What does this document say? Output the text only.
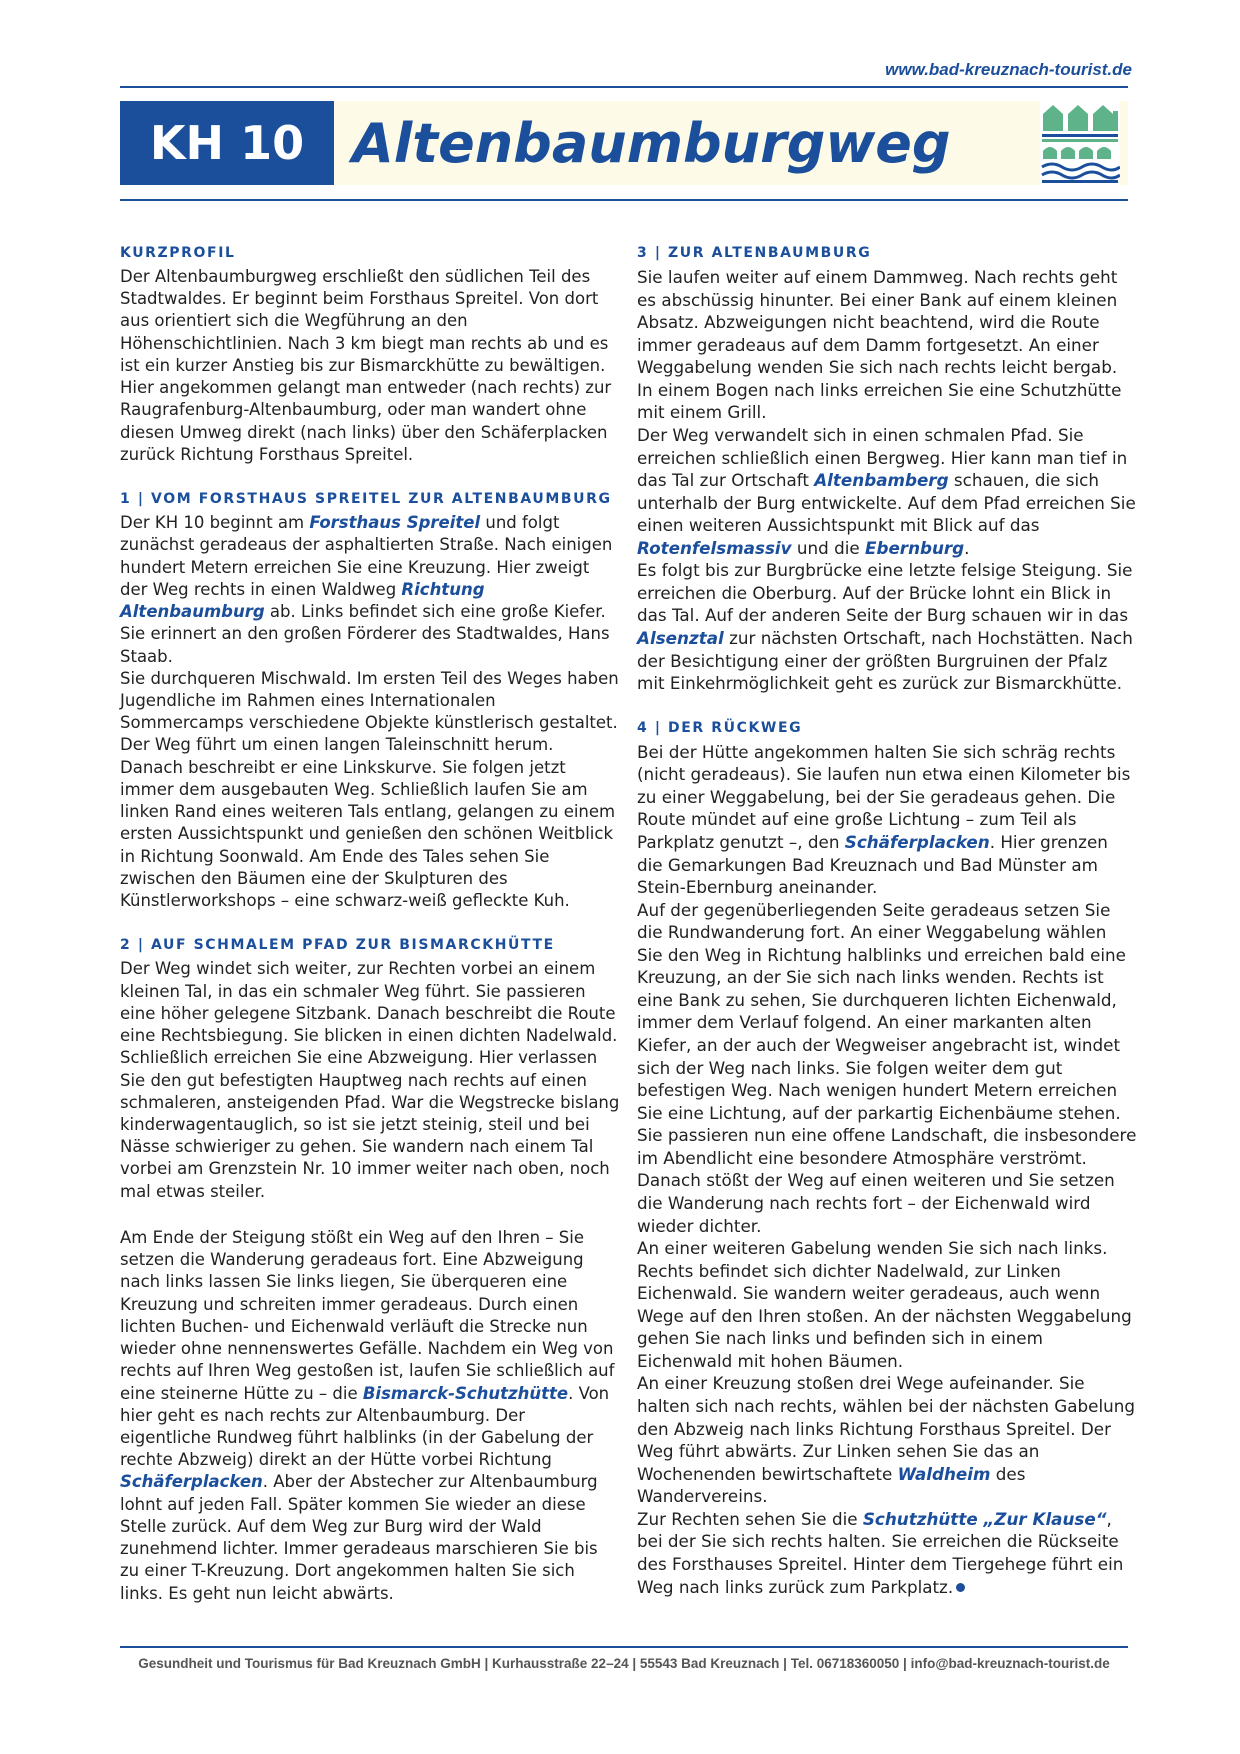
www.bad-kreuznach-tourist.de
KH 10 Altenbaumburgweg
KURZPROFIL

Der Altenbaumburgweg erschließt den südlichen Teil des Stadtwaldes. Er beginnt beim Forsthaus Spreitel. Von dort aus orientiert sich die Wegführung an den Höhenschichtlinien. Nach 3 km biegt man rechts ab und es ist ein kurzer Anstieg bis zur Bismarckhütte zu bewältigen. Hier angekommen gelangt man entweder (nach rechts) zur Raugrafenburg-Altenbaumburg, oder man wandert ohne diesen Umweg direkt (nach links) über den Schäferplacken zurück Richtung Forsthaus Spreitel.

1 | VOM FORSTHAUS SPREITEL ZUR ALTENBAUMBURG

Der KH 10 beginnt am Forsthaus Spreitel und folgt zunächst geradeaus der asphaltierten Straße. Nach einigen hundert Metern erreichen Sie eine Kreuzung. Hier zweigt der Weg rechts in einen Waldweg Richtung Altenbaumburg ab. Links befindet sich eine große Kiefer. Sie erinnert an den großen Förderer des Stadtwaldes, Hans Staab.

Sie durchqueren Mischwald. Im ersten Teil des Weges haben Jugendliche im Rahmen eines Internationalen Sommercamps verschiedene Objekte künstlerisch gestaltet. Der Weg führt um einen langen Taleinschnitt herum. Danach beschreibt er eine Linkskurve. Sie folgen jetzt immer dem ausgebauten Weg. Schließlich laufen Sie am linken Rand eines weiteren Tals entlang, gelangen zu einem ersten Aussichtspunkt und genießen den schönen Weitblick in Richtung Soonwald. Am Ende des Tales sehen Sie zwischen den Bäumen eine der Skulpturen des Künstlerworkshops – eine schwarz-weiß gefleckte Kuh.

2 | AUF SCHMALEM PFAD ZUR BISMARCKHÜTTE

Der Weg windet sich weiter, zur Rechten vorbei an einem kleinen Tal, in das ein schmaler Weg führt. Sie passieren eine höher gelegene Sitzbank. Danach beschreibt die Route eine Rechtsbiegung. Sie blicken in einen dichten Nadelwald. Schließlich erreichen Sie eine Abzweigung. Hier verlassen Sie den gut befestigten Hauptweg nach rechts auf einen schmaleren, ansteigenden Pfad. War die Wegstrecke bislang kinderwagentauglich, so ist sie jetzt steinig, steil und bei Nässe schwieriger zu gehen. Sie wandern nach einem Tal vorbei am Grenzstein Nr. 10 immer weiter nach oben, noch mal etwas steiler.

Am Ende der Steigung stößt ein Weg auf den Ihren – Sie setzen die Wanderung geradeaus fort. Eine Abzweigung nach links lassen Sie links liegen, Sie überqueren eine Kreuzung und schreiten immer geradeaus. Durch einen lichten Buchen- und Eichenwald verläuft die Strecke nun wieder ohne nennenswertes Gefälle. Nachdem ein Weg von rechts auf Ihren Weg gestoßen ist, laufen Sie schließlich auf eine steinerne Hütte zu – die Bismarck-Schutzhütte. Von hier geht es nach rechts zur Altenbaumburg. Der eigentliche Rundweg führt halblinks (in der Gabelung der rechte Abzweig) direkt an der Hütte vorbei Richtung Schäferplacken. Aber der Abstecher zur Altenbaumburg lohnt auf jeden Fall. Später kommen Sie wieder an diese Stelle zurück. Auf dem Weg zur Burg wird der Wald zunehmend lichter. Immer geradeaus marschieren Sie bis zu einer T-Kreuzung. Dort angekommen halten Sie sich links. Es geht nun leicht abwärts.

3 | ZUR ALTENBAUMBURG

Sie laufen weiter auf einem Dammweg. Nach rechts geht es abschüssig hinunter. Bei einer Bank auf einem kleinen Absatz. Abzweigungen nicht beachtend, wird die Route immer geradeaus auf dem Damm fortgesetzt. An einer Weggabelung wenden Sie sich nach rechts leicht bergab. In einem Bogen nach links erreichen Sie eine Schutzhütte mit einem Grill.

Der Weg verwandelt sich in einen schmalen Pfad. Sie erreichen schließlich einen Bergweg. Hier kann man tief in das Tal zur Ortschaft Altenbamberg schauen, die sich unterhalb der Burg entwickelte. Auf dem Pfad erreichen Sie einen weiteren Aussichtspunkt mit Blick auf das Rotenfelsmassiv und die Ebernburg.

Es folgt bis zur Burgbrücke eine letzte felsige Steigung. Sie erreichen die Oberburg. Auf der Brücke lohnt ein Blick in das Tal. Auf der anderen Seite der Burg schauen wir in das Alsenztal zur nächsten Ortschaft, nach Hochstätten. Nach der Besichtigung einer der größten Burgruinen der Pfalz mit Einkehrmöglichkeit geht es zurück zur Bismarckhütte.

4 | DER RÜCKWEG

Bei der Hütte angekommen halten Sie sich schräg rechts (nicht geradeaus). Sie laufen nun etwa einen Kilometer bis zu einer Weggabelung, bei der Sie geradeaus gehen. Die Route mündet auf eine große Lichtung – zum Teil als Parkplatz genutzt –, den Schäferplacken. Hier grenzen die Gemarkungen Bad Kreuznach und Bad Münster am Stein-Ebernburg aneinander.

Auf der gegenüberliegenden Seite geradeaus setzen Sie die Rundwanderung fort. An einer Weggabelung wählen Sie den Weg in Richtung halblinks und erreichen bald eine Kreuzung, an der Sie sich nach links wenden. Rechts ist eine Bank zu sehen, Sie durchqueren lichten Eichenwald, immer dem Verlauf folgend. An einer markanten alten Kiefer, an der auch der Wegweiser angebracht ist, windet sich der Weg nach links. Sie folgen weiter dem gut befestigen Weg. Nach wenigen hundert Metern erreichen Sie eine Lichtung, auf der parkartig Eichenbäume stehen.

Sie passieren nun eine offene Landschaft, die insbesondere im Abendlicht eine besondere Atmosphäre verströmt. Danach stößt der Weg auf einen weiteren und Sie setzen die Wanderung nach rechts fort – der Eichenwald wird wieder dichter.

An einer weiteren Gabelung wenden Sie sich nach links. Rechts befindet sich dichter Nadelwald, zur Linken Eichenwald. Sie wandern weiter geradeaus, auch wenn Wege auf den Ihren stoßen. An der nächsten Weggabelung gehen Sie nach links und befinden sich in einem Eichenwald mit hohen Bäumen.

An einer Kreuzung stoßen drei Wege aufeinander. Sie halten sich nach rechts, wählen bei der nächsten Gabelung den Abzweig nach links Richtung Forsthaus Spreitel. Der Weg führt abwärts. Zur Linken sehen Sie das an Wochenenden bewirtschaftete Waldheim des Wandervereins.

Zur Rechten sehen Sie die Schutzhütte „Zur Klause“, bei der Sie sich rechts halten. Sie erreichen die Rückseite des Forsthauses Spreitel. Hinter dem Tiergehege führt ein Weg nach links zurück zum Parkplatz.

Gesundheit und Tourismus für Bad Kreuznach GmbH | Kurhausstraße 22–24 | 55543 Bad Kreuznach | Tel. 06718360050 | info@bad-kreuznach-tourist.de
